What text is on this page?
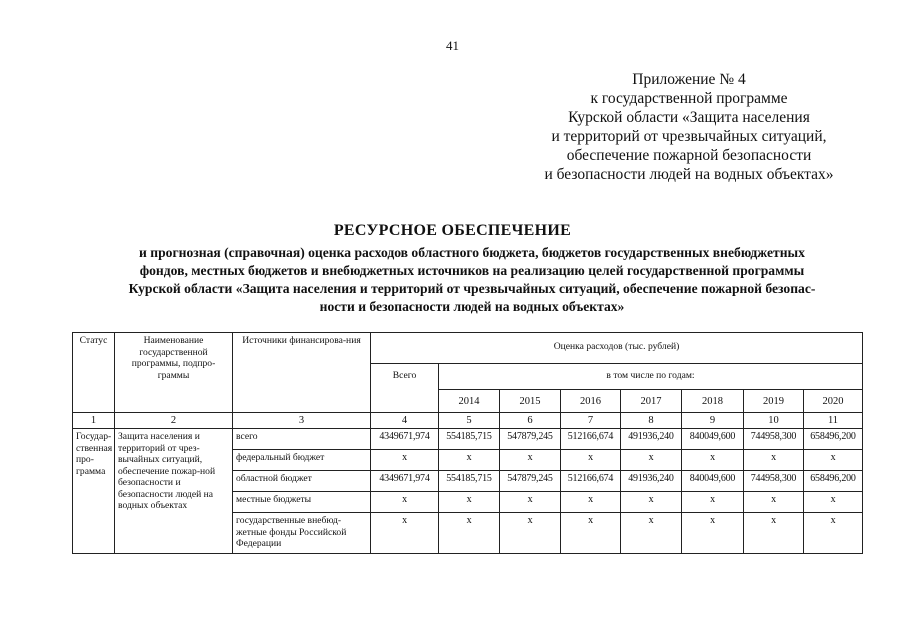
41
Приложение № 4
к государственной программе
Курской области «Защита населения
и территорий от чрезвычайных ситуаций,
обеспечение пожарной безопасности
и безопасности людей на водных объектах»
РЕСУРСНОЕ ОБЕСПЕЧЕНИЕ
и прогнозная (справочная) оценка расходов областного бюджета, бюджетов государственных внебюджетных
фондов, местных бюджетов и внебюджетных источников на реализацию целей государственной программы
Курской области «Защита населения и территорий от чрезвычайных ситуаций, обеспечение пожарной безопас-
ности и безопасности людей на водных объектах»
Статус	Наименование государственной программы, подпро-граммы	Источники финансирова-ния	Оценка расходов (тыс. рублей)							
			Всего	в том числе по годам:						
				2014	2015	2016	2017	2018	2019	2020
1	2	3	4	5	6	7	8	9	10	11
Государ-ственная про-грамма	Защита населения и территорий от чрез-вычайных ситуаций, обеспечение пожар-ной безопасности и безопасности людей на водных объектах	всего	4349671,974	554185,715	547879,245	512166,674	491936,240	840049,600	744958,300	658496,200
		федеральный бюджет	х	х	х	х	х	х	х	х
		областной бюджет	4349671,974	554185,715	547879,245	512166,674	491936,240	840049,600	744958,300	658496,200
		местные бюджеты	х	х	х	х	х	х	х	х
		государственные внебюд-жетные фонды Российской Федерации	х	х	х	х	х	х	х	х
